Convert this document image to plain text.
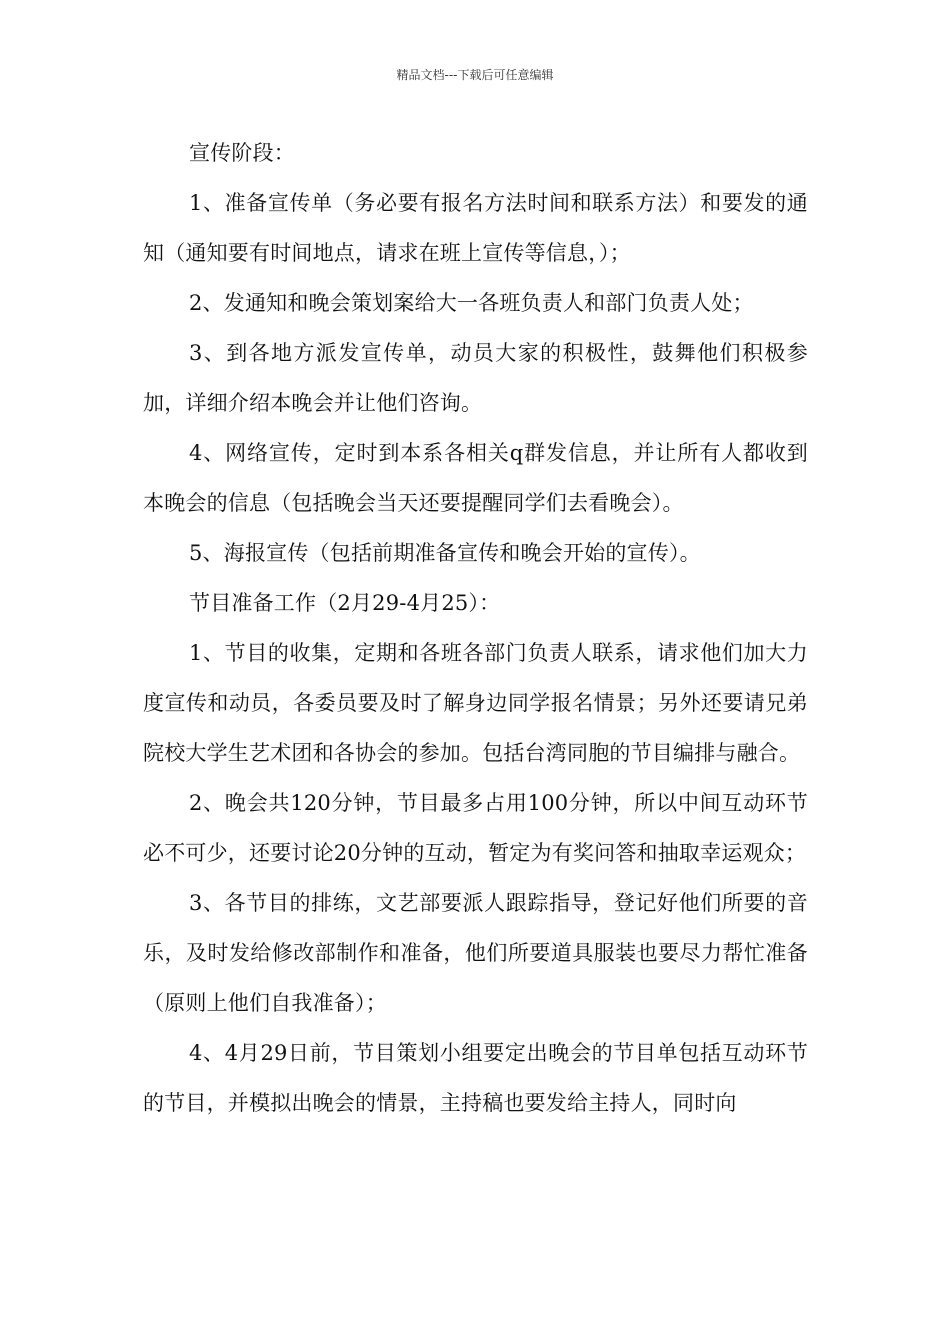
精品文档---下载后可任意编辑

宣传阶段：

1、准备宣传单（务必要有报名方法时间和联系方法）和要发的通知（通知要有时间地点，请求在班上宣传等信息，）；

2、发通知和晚会策划案给大一各班负责人和部门负责人处；

3、到各地方派发宣传单，动员大家的积极性，鼓舞他们积极参加，详细介绍本晚会并让他们咨询。

4、网络宣传，定时到本系各相关q群发信息，并让所有人都收到本晚会的信息（包括晚会当天还要提醒同学们去看晚会）。

5、海报宣传（包括前期准备宣传和晚会开始的宣传）。

节目准备工作（2月29-4月25）：

1、节目的收集，定期和各班各部门负责人联系，请求他们加大力度宣传和动员，各委员要及时了解身边同学报名情景；另外还要请兄弟院校大学生艺术团和各协会的参加。包括台湾同胞的节目编排与融合。

2、晚会共120分钟，节目最多占用100分钟，所以中间互动环节必不可少，还要讨论20分钟的互动，暂定为有奖问答和抽取幸运观众；

3、各节目的排练，文艺部要派人跟踪指导，登记好他们所要的音乐，及时发给修改部制作和准备，他们所要道具服装也要尽力帮忙准备（原则上他们自我准备）；

4、4月29日前，节目策划小组要定出晚会的节目单包括互动环节的节目，并模拟出晚会的情景，主持稿也要发给主持人，同时向
